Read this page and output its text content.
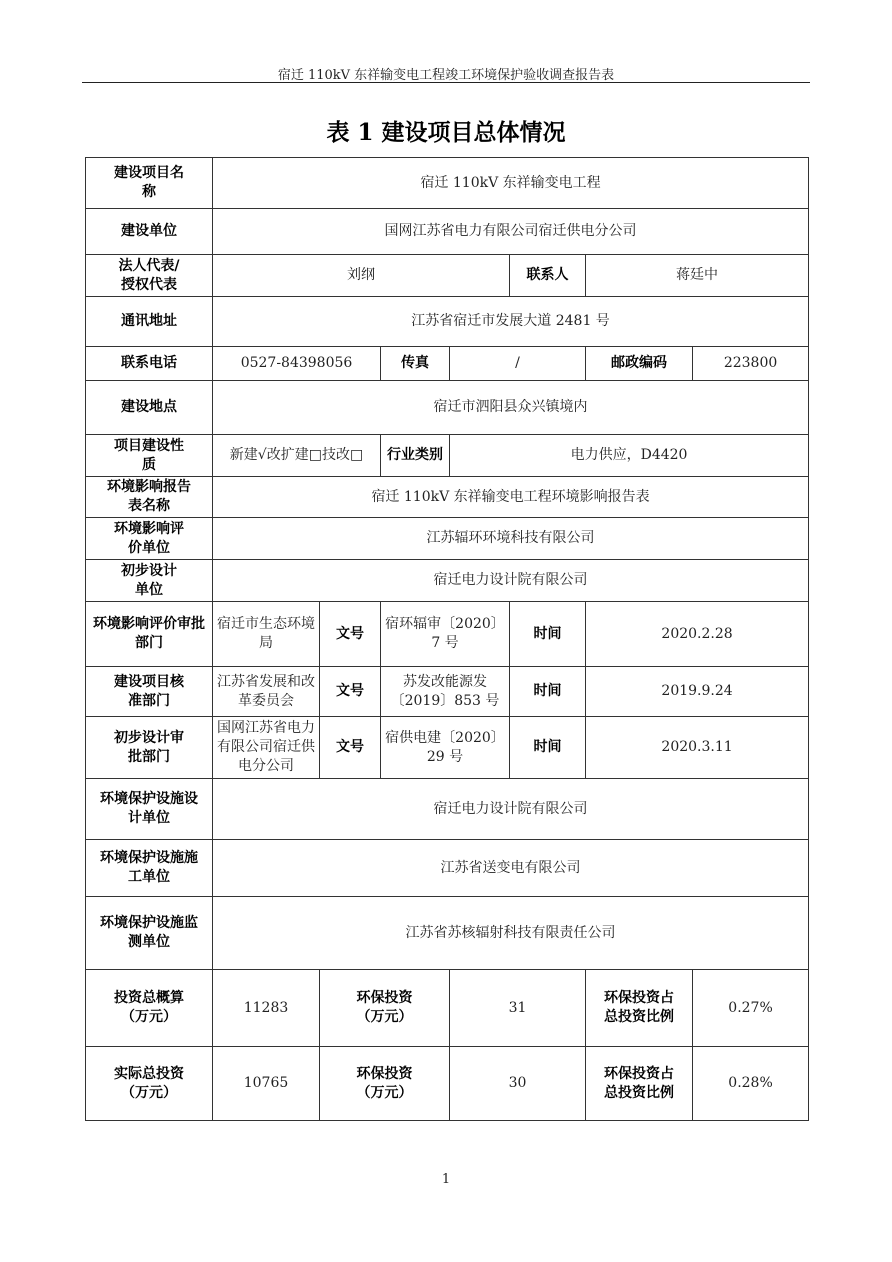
宿迁 110kV 东祥输变电工程竣工环境保护验收调查报告表
表 1 建设项目总体情况
建设项目名称	宿迁 110kV 东祥输变电工程						
建设单位	国网江苏省电力有限公司宿迁供电分公司						
法人代表/授权代表	刘纲				联系人	蒋廷中	
通讯地址	江苏省宿迁市发展大道 2481 号						
联系电话	0527-84398056		传真	/		邮政编码	223800
建设地点	宿迁市泗阳县众兴镇境内						
项目建设性质	新建√改扩建□技改□		行业类别	电力供应，D4420			
环境影响报告表名称	宿迁 110kV 东祥输变电工程环境影响报告表						
环境影响评价单位	江苏辐环环境科技有限公司						
初步设计单位	宿迁电力设计院有限公司						
环境影响评价审批部门	宿迁市生态环境局	文号	宿环辐审〔2020〕7 号		时间	2020.2.28	
建设项目核准部门	江苏省发展和改革委员会	文号	苏发改能源发〔2019〕853 号		时间	2019.9.24	
初步设计审批部门	国网江苏省电力有限公司宿迁供电分公司	文号	宿供电建〔2020〕29 号		时间	2020.3.11	
环境保护设施设计单位	宿迁电力设计院有限公司						
环境保护设施施工单位	江苏省送变电有限公司						
环境保护设施监测单位	江苏省苏核辐射科技有限责任公司						
投资总概算（万元）	11283	环保投资（万元）		31		环保投资占总投资比例	0.27%
实际总投资（万元）	10765	环保投资（万元）		30		环保投资占总投资比例	0.28%
1
